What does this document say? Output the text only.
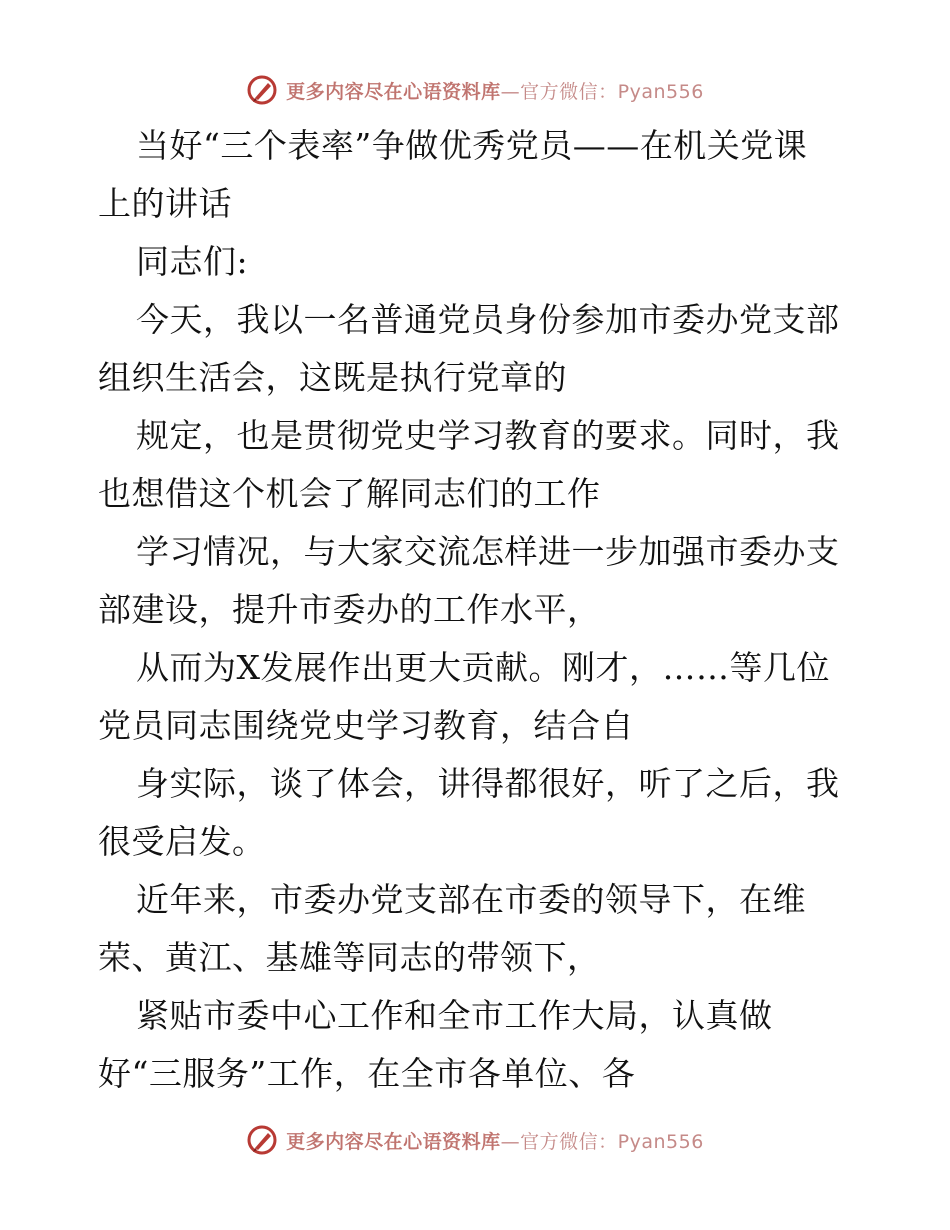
更多内容尽在心语资料库—官方微信：Pyan556
当好“三个表率”争做优秀党员——在机关党课
上的讲话
同志们:
今天，我以一名普通党员身份参加市委办党支部
组织生活会，这既是执行党章的
规定，也是贯彻党史学习教育的要求。同时，我
也想借这个机会了解同志们的工作
学习情况，与大家交流怎样进一步加强市委办支
部建设，提升市委办的工作水平，
从而为X发展作出更大贡献。刚才，……等几位
党员同志围绕党史学习教育，结合自
身实际，谈了体会，讲得都很好，听了之后，我
很受启发。
近年来，市委办党支部在市委的领导下，在维
荣、黄江、基雄等同志的带领下，
紧贴市委中心工作和全市工作大局，认真做
好“三服务”工作，在全市各单位、各
更多内容尽在心语资料库—官方微信：Pyan556
